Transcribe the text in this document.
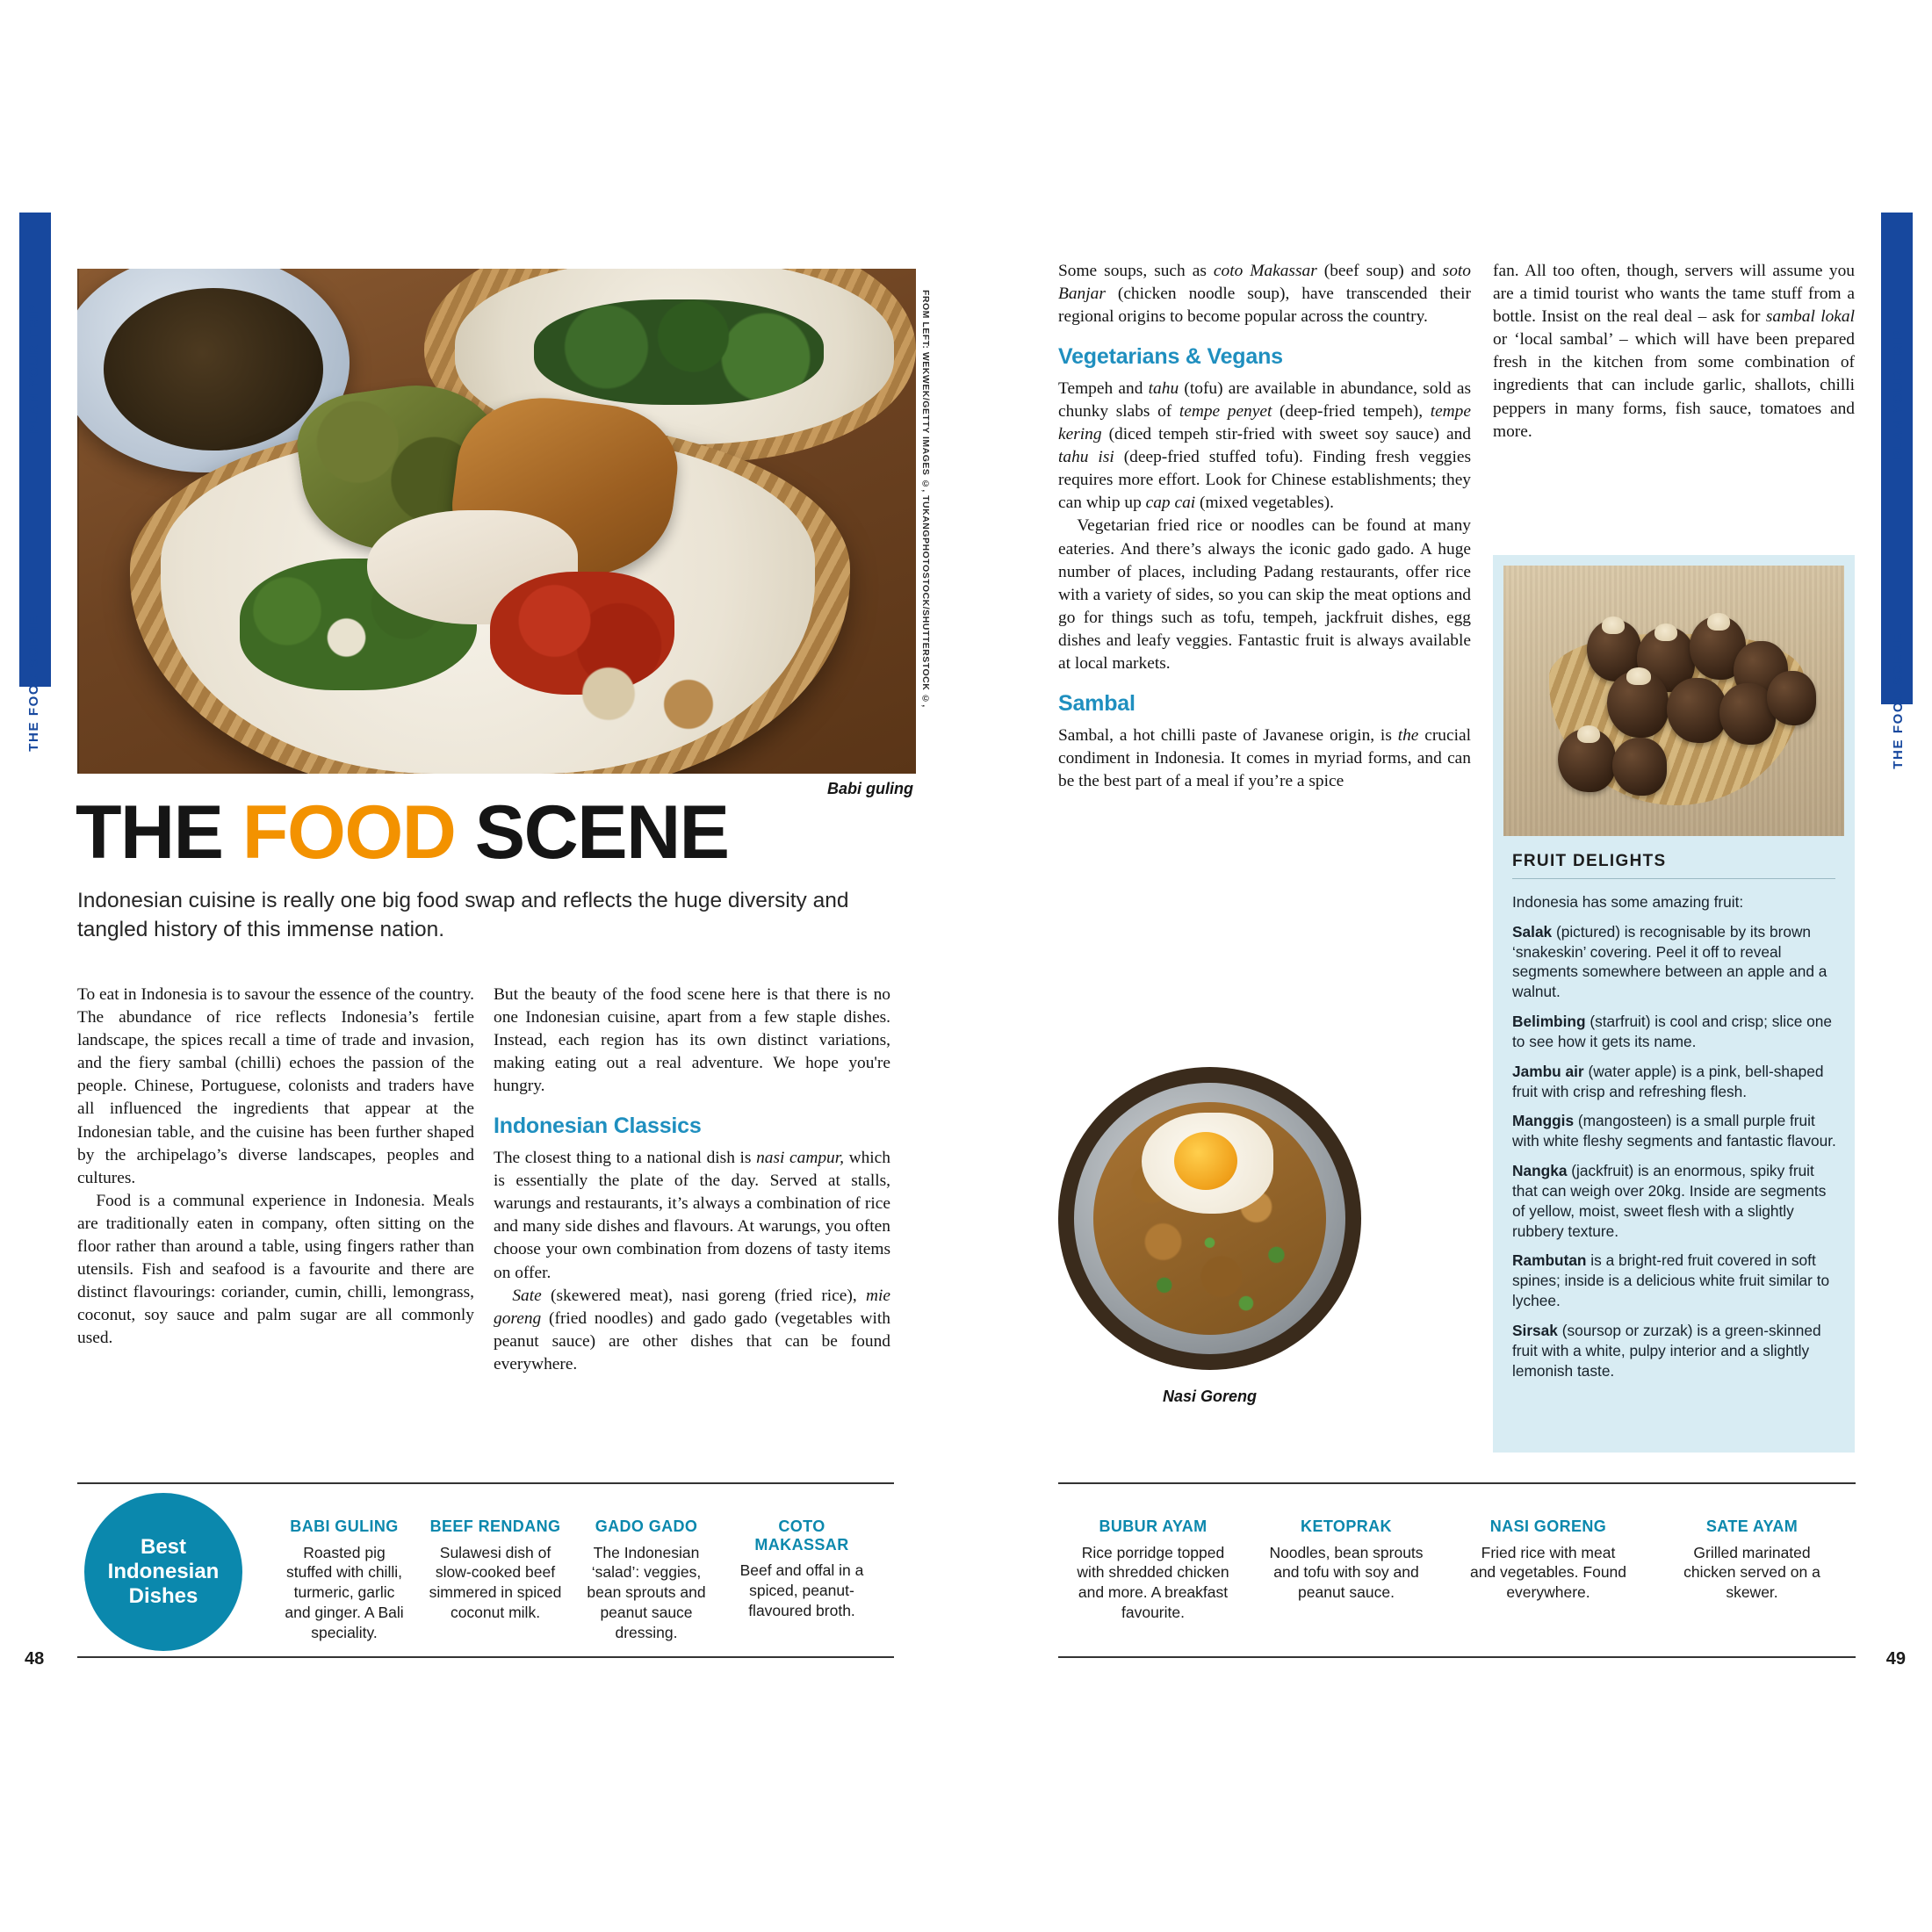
PLAN YOUR TRIP
THE FOOD SCENE
PLAN YOUR TRIP
THE FOOD SCENE
48	49
FROM LEFT: WEKWEK/GETTY IMAGES ©, TUKANGPHOTOSTOCK/SHUTTERSTOCK ©,
Babi guling
THE FOOD SCENE
Indonesian cuisine is really one big food swap and reflects the huge diversity and tangled history of this immense nation.

To eat in Indonesia is to savour the essence of the country. The abundance of rice reflects Indonesia’s fertile landscape, the spices recall a time of trade and invasion, and the fiery sambal (chilli) echoes the passion of the people. Chinese, Portuguese, colonists and traders have all influenced the ingredients that appear at the Indonesian table, and the cuisine has been further shaped by the archipelago’s diverse landscapes, peoples and cultures.

Food is a communal experience in Indonesia. Meals are traditionally eaten in company, often sitting on the floor rather than around a table, using fingers rather than utensils. Fish and seafood is a favourite and there are distinct flavourings: coriander, cumin, chilli, lemongrass, coconut, soy sauce and palm sugar are all commonly used.

But the beauty of the food scene here is that there is no one Indonesian cuisine, apart from a few staple dishes. Instead, each region has its own distinct variations, making eating out a real adventure. We hope you're hungry.

Indonesian Classics

The closest thing to a national dish is nasi campur, which is essentially the plate of the day. Served at stalls, warungs and restaurants, it’s always a combination of rice and many side dishes and flavours. At warungs, you often choose your own combination from dozens of tasty items on offer.

Sate (skewered meat), nasi goreng (fried rice), mie goreng (fried noodles) and gado gado (vegetables with peanut sauce) are other dishes that can be found everywhere.

Some soups, such as coto Makassar (beef soup) and soto Banjar (chicken noodle soup), have transcended their regional origins to become popular across the country.

Vegetarians & Vegans

Tempeh and tahu (tofu) are available in abundance, sold as chunky slabs of tempe penyet (deep-fried tempeh), tempe kering (diced tempeh stir-fried with sweet soy sauce) and tahu isi (deep-fried stuffed tofu). Finding fresh veggies requires more effort. Look for Chinese establishments; they can whip up cap cai (mixed vegetables).

Vegetarian fried rice or noodles can be found at many eateries. And there’s always the iconic gado gado. A huge number of places, including Padang restaurants, offer rice with a variety of sides, so you can skip the meat options and go for things such as tofu, tempeh, jackfruit dishes, egg dishes and leafy veggies. Fantastic fruit is always available at local markets.

Sambal

Sambal, a hot chilli paste of Javanese origin, is the crucial condiment in Indonesia. It comes in myriad forms, and can be the best part of a meal if you’re a spice

fan. All too often, though, servers will assume you are a timid tourist who wants the tame stuff from a bottle. Insist on the real deal – ask for sambal lokal or ‘local sambal’ – which will have been prepared fresh in the kitchen from some combination of ingredients that can include garlic, shallots, chilli peppers in many forms, fish sauce, tomatoes and more.

Nasi Goreng
FRUIT DELIGHTS

Indonesia has some amazing fruit:

Salak (pictured) is recognisable by its brown ‘snakeskin’ covering. Peel it off to reveal segments somewhere between an apple and a walnut.

Belimbing (starfruit) is cool and crisp; slice one to see how it gets its name.

Jambu air (water apple) is a pink, bell-shaped fruit with crisp and refreshing flesh.

Manggis (mangosteen) is a small purple fruit with white fleshy segments and fantastic flavour.

Nangka (jackfruit) is an enormous, spiky fruit that can weigh over 20kg. Inside are segments of yellow, moist, sweet flesh with a slightly rubbery texture.

Rambutan is a bright-red fruit covered in soft spines; inside is a delicious white fruit similar to lychee.

Sirsak (soursop or zurzak) is a green-skinned fruit with a white, pulpy interior and a slightly lemonish taste.

Best Indonesian Dishes
BABI GULING
Roasted pig stuffed with chilli, turmeric, garlic and ginger. A Bali speciality.
BEEF RENDANG
Sulawesi dish of slow-cooked beef simmered in spiced coconut milk.
GADO GADO
The Indonesian ‘salad’: veggies, bean sprouts and peanut sauce dressing.
COTO MAKASSAR
Beef and offal in a spiced, peanut-flavoured broth.
BUBUR AYAM
Rice porridge topped with shredded chicken and more. A breakfast favourite.
KETOPRAK
Noodles, bean sprouts and tofu with soy and peanut sauce.
NASI GORENG
Fried rice with meat and vegetables. Found everywhere.
SATE AYAM
Grilled marinated chicken served on a skewer.
